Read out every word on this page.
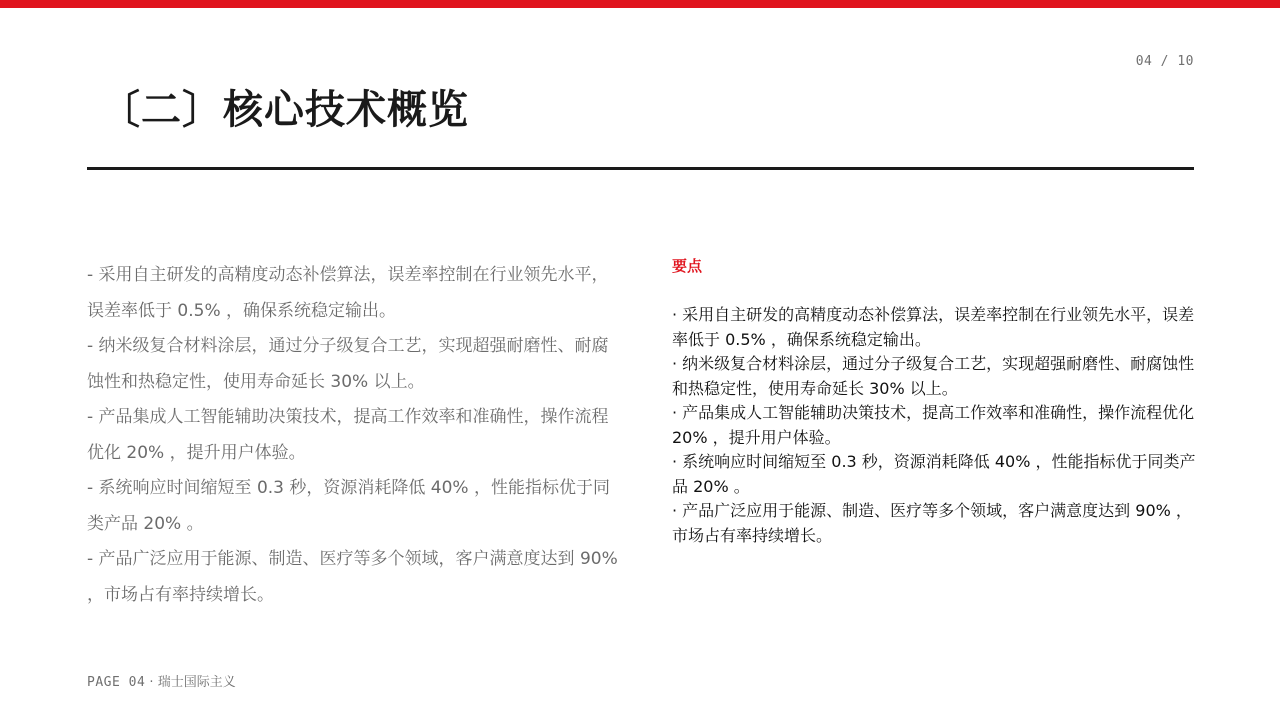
04 / 10
〔二〕核心技术概览
- 采用自主研发的高精度动态补偿算法，误差率控制在行业领先水平，误差率低于 0.5% ，确保系统稳定输出。
- 纳米级复合材料涂层，通过分子级复合工艺，实现超强耐磨性、耐腐蚀性和热稳定性，使用寿命延长 30% 以上。
- 产品集成人工智能辅助决策技术，提高工作效率和准确性，操作流程优化 20% ，提升用户体验。
- 系统响应时间缩短至 0.3 秒，资源消耗降低 40% ，性能指标优于同类产品 20% 。
- 产品广泛应用于能源、制造、医疗等多个领域，客户满意度达到 90% ，市场占有率持续增长。
要点
· 采用自主研发的高精度动态补偿算法，误差率控制在行业领先水平，误差率低于 0.5% ，确保系统稳定输出。
· 纳米级复合材料涂层，通过分子级复合工艺，实现超强耐磨性、耐腐蚀性和热稳定性，使用寿命延长 30% 以上。
· 产品集成人工智能辅助决策技术，提高工作效率和准确性，操作流程优化 20% ，提升用户体验。
· 系统响应时间缩短至 0.3 秒，资源消耗降低 40% ，性能指标优于同类产品 20% 。
· 产品广泛应用于能源、制造、医疗等多个领域，客户满意度达到 90% ，市场占有率持续增长。
PAGE 04 · 瑞士国际主义
